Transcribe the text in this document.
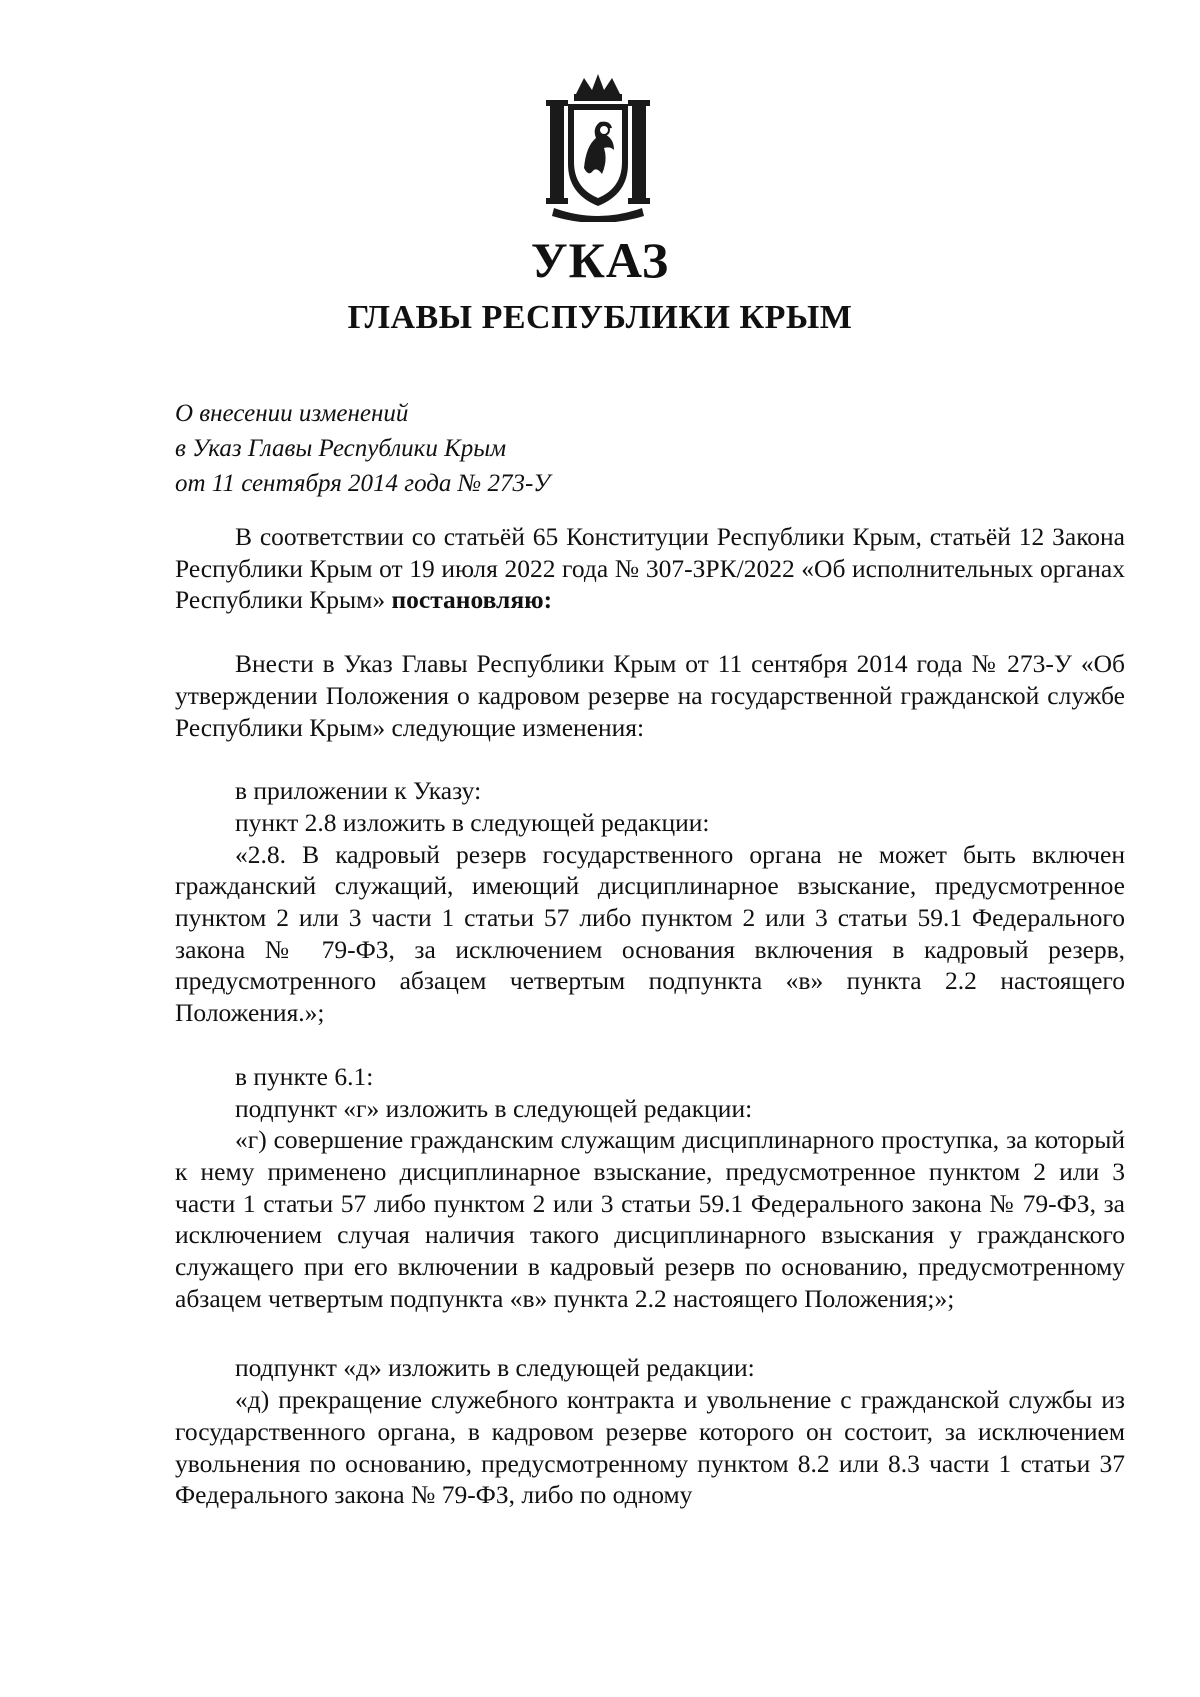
УКАЗ
ГЛАВЫ РЕСПУБЛИКИ КРЫМ
О внесении изменений
в Указ Главы Республики Крым
от 11 сентября 2014 года № 273-У

В соответствии со статьёй 65 Конституции Республики Крым, статьёй 12 Закона Республики Крым от 19 июля 2022 года № 307-ЗРК/2022 «Об исполнительных органах Республики Крым» постановляю:

Внести в Указ Главы Республики Крым от 11 сентября 2014 года № 273-У «Об утверждении Положения о кадровом резерве на государственной гражданской службе Республики Крым» следующие изменения:

в приложении к Указу:

пункт 2.8 изложить в следующей редакции:

«2.8. В кадровый резерв государственного органа не может быть включен гражданский служащий, имеющий дисциплинарное взыскание, предусмотренное пунктом 2 или 3 части 1 статьи 57 либо пунктом 2 или 3 статьи 59.1 Федерального закона № 79-ФЗ, за исключением основания включения в кадровый резерв, предусмотренного абзацем четвертым подпункта «в» пункта 2.2 настоящего Положения.»;

в пункте 6.1:

подпункт «г» изложить в следующей редакции:

«г) совершение гражданским служащим дисциплинарного проступка, за который к нему применено дисциплинарное взыскание, предусмотренное пунктом 2 или 3 части 1 статьи 57 либо пунктом 2 или 3 статьи 59.1 Федерального закона № 79-ФЗ, за исключением случая наличия такого дисциплинарного взыскания у гражданского служащего при его включении в кадровый резерв по основанию, предусмотренному абзацем четвертым подпункта «в» пункта 2.2 настоящего Положения;»;

подпункт «д» изложить в следующей редакции:

«д) прекращение служебного контракта и увольнение с гражданской службы из государственного органа, в кадровом резерве которого он состоит, за исключением увольнения по основанию, предусмотренному пунктом 8.2 или 8.3 части 1 статьи 37 Федерального закона № 79-ФЗ, либо по одному
